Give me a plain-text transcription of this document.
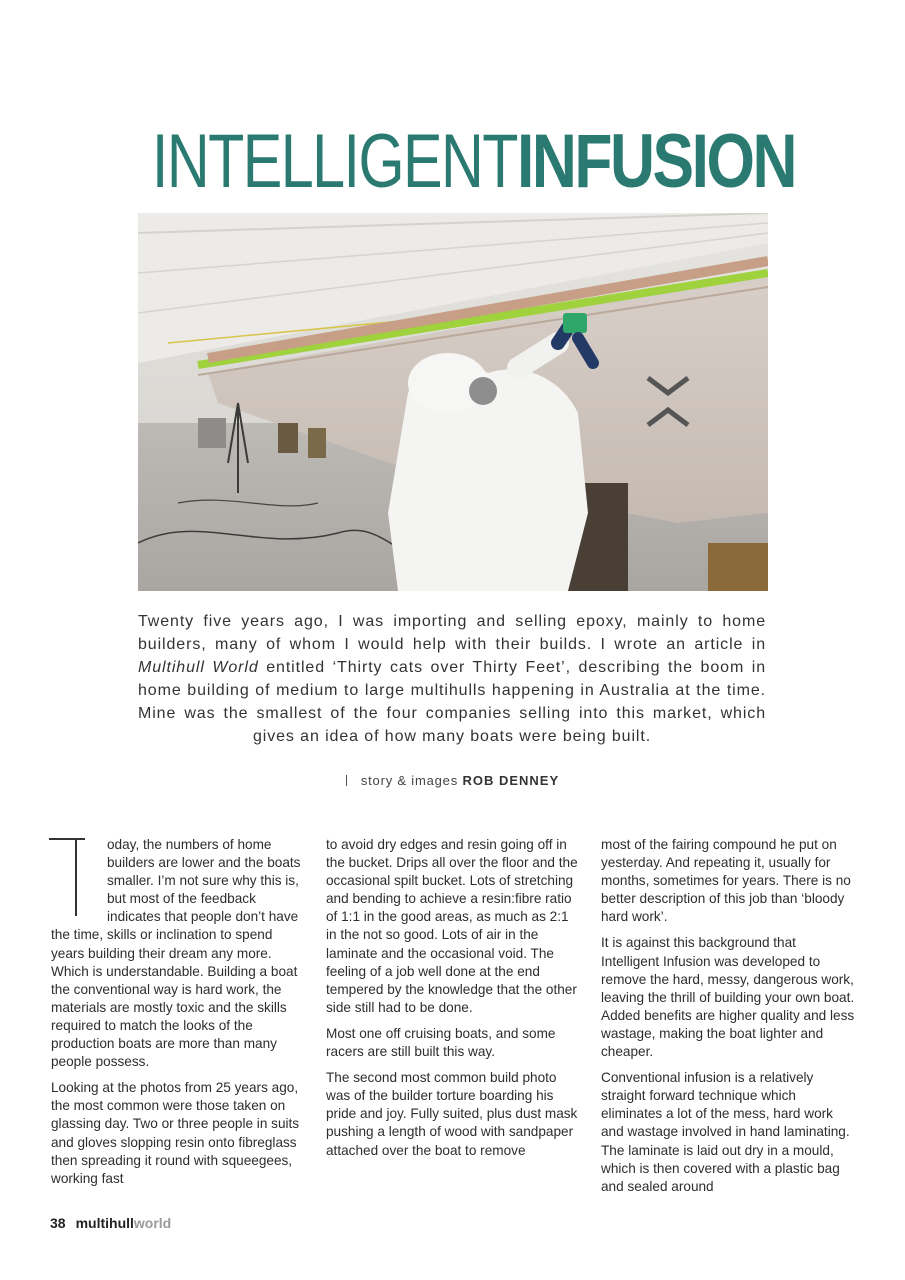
INTELLIGENTINFUSION
Twenty five years ago, I was importing and selling epoxy, mainly to home builders, many of whom I would help with their builds. I wrote an article in Multihull World entitled ‘Thirty cats over Thirty Feet’, describing the boom in home building of medium to large multihulls happening in Australia at the time. Mine was the smallest of the four companies selling into this market, which gives an idea of how many boats were being built.
story & images ROB DENNEY

oday, the numbers of home builders are lower and the boats smaller. I’m not sure why this is, but most of the feedback indicates that people don’t have the time, skills or inclination to spend years building their dream any more. Which is understandable. Building a boat the conventional way is hard work, the materials are mostly toxic and the skills required to match the looks of the production boats are more than many people possess.

Looking at the photos from 25 years ago, the most common were those taken on glassing day. Two or three people in suits and gloves slopping resin onto fibreglass then spreading it round with squeegees, working fast

to avoid dry edges and resin going off in the bucket. Drips all over the floor and the occasional spilt bucket. Lots of stretching and bending to achieve a resin:fibre ratio of 1:1 in the good areas, as much as 2:1 in the not so good. Lots of air in the laminate and the occasional void. The feeling of a job well done at the end tempered by the knowledge that the other side still had to be done.

Most one off cruising boats, and some racers are still built this way.

The second most common build photo was of the builder torture boarding his pride and joy. Fully suited, plus dust mask pushing a length of wood with sandpaper attached over the boat to remove

most of the fairing compound he put on yesterday. And repeating it, usually for months, sometimes for years. There is no better description of this job than ‘bloody hard work’.

It is against this background that Intelligent Infusion was developed to remove the hard, messy, dangerous work, leaving the thrill of building your own boat. Added benefits are higher quality and less wastage, making the boat lighter and cheaper.

Conventional infusion is a relatively straight forward technique which eliminates a lot of the mess, hard work and wastage involved in hand laminating. The laminate is laid out dry in a mould, which is then covered with a plastic bag and sealed around

38 multihullworld
